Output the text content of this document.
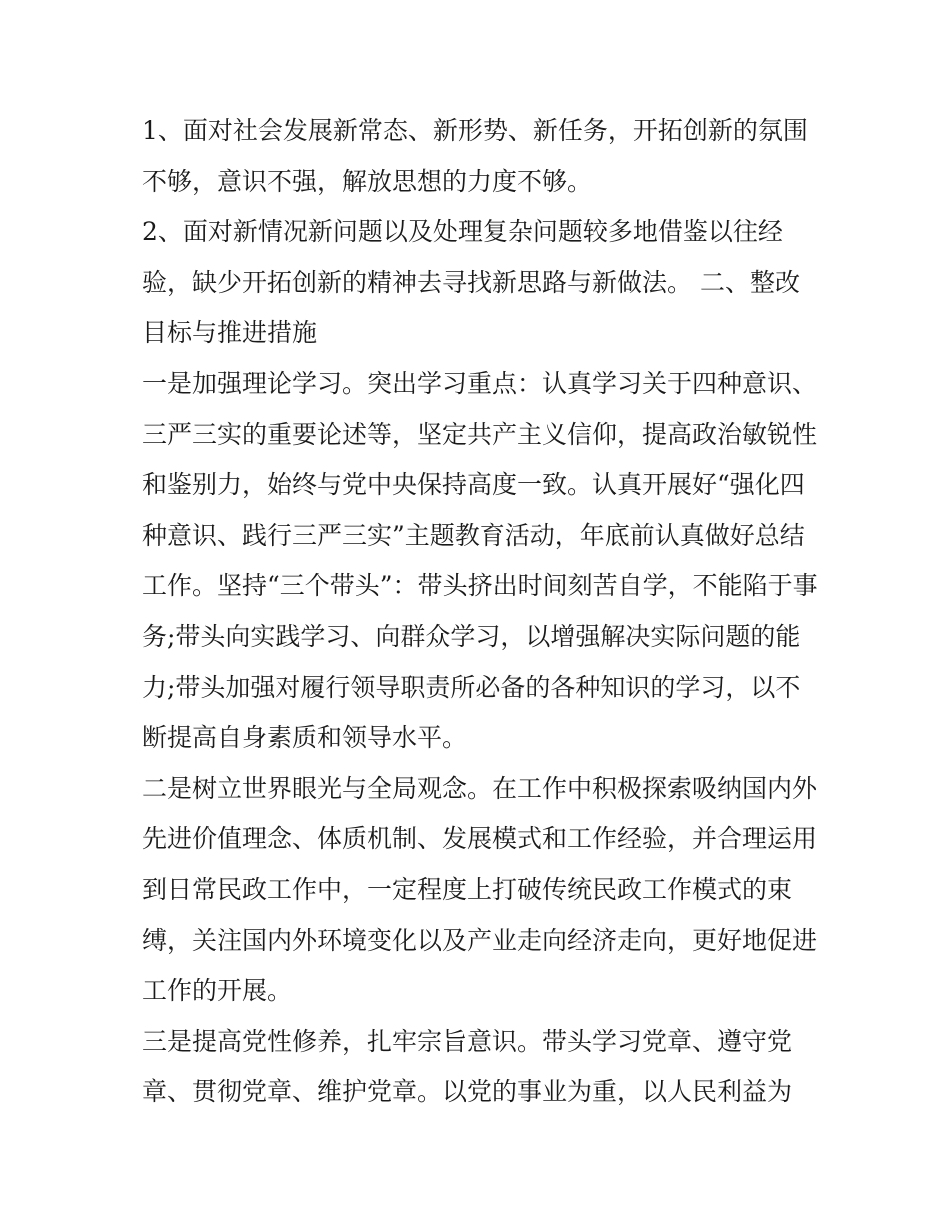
1、面对社会发展新常态、新形势、新任务，开拓创新的氛围
不够，意识不强，解放思想的力度不够。
2、面对新情况新问题以及处理复杂问题较多地借鉴以往经
验，缺少开拓创新的精神去寻找新思路与新做法。 二、整改
目标与推进措施
一是加强理论学习。突出学习重点：认真学习关于四种意识、
三严三实的重要论述等，坚定共产主义信仰，提高政治敏锐性
和鉴别力，始终与党中央保持高度一致。认真开展好“强化四
种意识、践行三严三实”主题教育活动，年底前认真做好总结
工作。坚持“三个带头”：带头挤出时间刻苦自学，不能陷于事
务;带头向实践学习、向群众学习，以增强解决实际问题的能
力;带头加强对履行领导职责所必备的各种知识的学习，以不
断提高自身素质和领导水平。
二是树立世界眼光与全局观念。在工作中积极探索吸纳国内外
先进价值理念、体质机制、发展模式和工作经验，并合理运用
到日常民政工作中，一定程度上打破传统民政工作模式的束
缚，关注国内外环境变化以及产业走向经济走向，更好地促进
工作的开展。
三是提高党性修养，扎牢宗旨意识。带头学习党章、遵守党
章、贯彻党章、维护党章。以党的事业为重，以人民利益为
